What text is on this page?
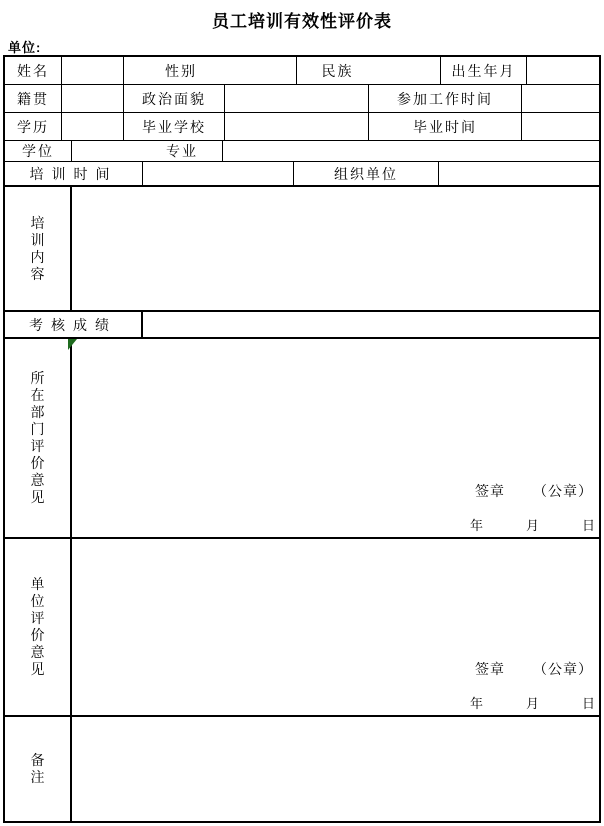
员工培训有效性评价表
单位:
姓名	性别	民族	出生年月
籍贯	政治面貌	参加工作时间
学历	毕业学校	毕业时间
学位	专业
培训时间	组织单位
培训内容
考核成绩
所在部门评价意见	签章 （公章）
年	月	日
单位评价意见	签章 （公章）
年	月	日
备注
